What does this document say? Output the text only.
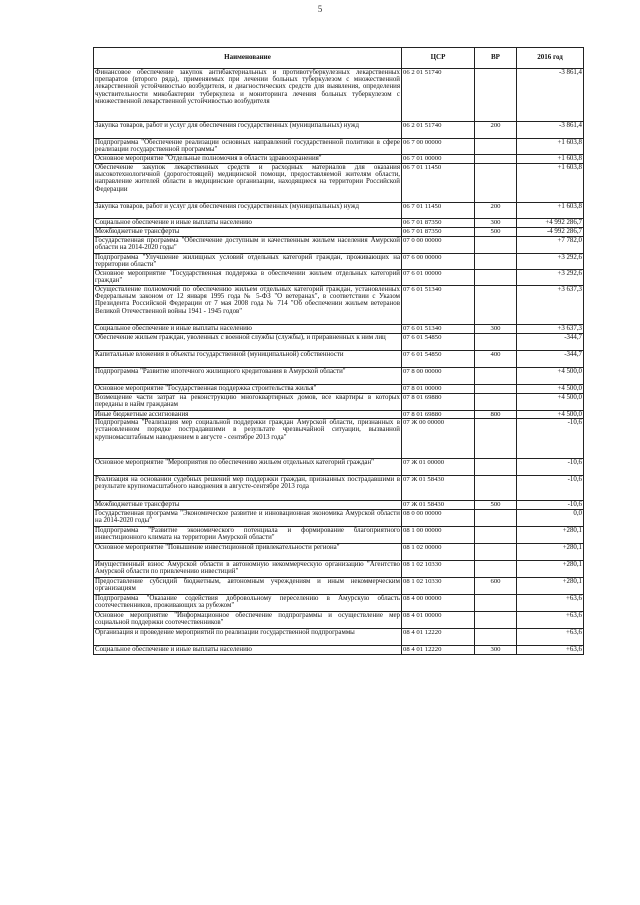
5
Наименование	ЦСР	ВР	2016 год
Финансовое обеспечение закупок антибактериальных и противотуберкулезных лекарственных препаратов (второго ряда), применяемых при лечении больных туберкулезом с множественной лекарственной устойчивостью возбудителя, и диагностических средств для выявления, определения чувствительности микобактерии туберкулеза и мониторинга лечения больных туберкулезом с множественной лекарственной устойчивостью возбудителя	06 2 01 51740		-3 861,4
Закупка товаров, работ и услуг для обеспечения государственных (муниципальных) нужд	06 2 01 51740	200	-3 861,4
Подпрограмма "Обеспечение реализации основных направлений государственной политики в сфере реализации государственной программы"	06 7 00 00000		+1 603,8
Основное мероприятие "Отдельные полномочия в области здравоохранения"	06 7 01 00000		+1 603,8
Обеспечение закупок лекарственных средств и расходных материалов для оказания высокотехнологичной (дорогостоящей) медицинской помощи, предоставляемой жителям области, направление жителей области в медицинские организации, находящиеся на территории Российской Федерации	06 7 01 11450		+1 603,8
Закупка товаров, работ и услуг для обеспечения государственных (муниципальных) нужд	06 7 01 11450	200	+1 603,8
Социальное обеспечение и иные выплаты населению	06 7 01 87350	300	+4 992 286,7
Межбюджетные трансферты	06 7 01 87350	500	-4 992 286,7
Государственная программа "Обеспечение доступным и качественным жильем населения Амурской области на 2014-2020 годы"	07 0 00 00000		+7 782,0
Подпрограмма "Улучшение жилищных условий отдельных категорий граждан, проживающих на территории области"	07 6 00 00000		+3 292,6
Основное мероприятие "Государственная поддержка в обеспечении жильем отдельных категорий граждан"	07 6 01 00000		+3 292,6
Осуществление полномочий по обеспечению жильем отдельных категорий граждан, установленных Федеральным законом от 12 января 1995 года № 5-ФЗ "О ветеранах", в соответствии с Указом Президента Российской Федерации от 7 мая 2008 года № 714 "Об обеспечении жильем ветеранов Великой Отечественной войны 1941 - 1945 годов"	07 6 01 51340		+3 637,3
Социальное обеспечение и иные выплаты населению	07 6 01 51340	300	+3 637,3
Обеспечение жильем граждан, уволенных с военной службы (службы), и приравненных к ним лиц	07 6 01 54850		-344,7
Капитальные вложения в объекты государственной (муниципальной) собственности	07 6 01 54850	400	-344,7
Подпрограмма "Развитие ипотечного жилищного кредитования в Амурской области"	07 8 00 00000		+4 500,0
Основное мероприятие "Государственная поддержка строительства жилья"	07 8 01 00000		+4 500,0
Возмещение части затрат на реконструкцию многоквартирных домов, все квартиры в которых переданы в найм гражданам	07 8 01 69880		+4 500,0
Иные бюджетные ассигнования	07 8 01 69880	800	+4 500,0
Подпрограмма "Реализация мер социальной поддержки граждан Амурской области, признанных в установленном порядке пострадавшими в результате чрезвычайной ситуации, вызванной крупномасштабным наводнением в августе - сентябре 2013 года"	07 Ж 00 00000		-10,6
Основное мероприятие "Мероприятия по обеспечению жильем отдельных категорий граждан"	07 Ж 01 00000		-10,6
Реализация на основании судебных решений мер поддержки граждан, признанных пострадавшими в результате крупномасштабного наводнения в августе-сентябре 2013 года	07 Ж 01 58430		-10,6
Межбюджетные трансферты	07 Ж 01 58430	500	-10,6
Государственная программа "Экономическое развитие и инновационная экономика Амурской области на 2014-2020 годы"	08 0 00 00000		0,0
Подпрограмма "Развитие экономического потенциала и формирование благоприятного инвестиционного климата на территории Амурской области"	08 1 00 00000		+280,1
Основное мероприятие "Повышение инвестиционной привлекательности региона"	08 1 02 00000		+280,1
Имущественный взнос Амурской области в автономную некоммерческую организацию "Агентство Амурской области по привлечению инвестиций"	08 1 02 10330		+280,1
Предоставление субсидий бюджетным, автономным учреждениям и иным некоммерческим организациям	08 1 02 10330	600	+280,1
Подпрограмма "Оказание содействия добровольному переселению в Амурскую область соотечественников, проживающих за рубежом"	08 4 00 00000		+63,6
Основное мероприятие "Информационное обеспечение подпрограммы и осуществление мер социальной поддержки соотечественников"	08 4 01 00000		+63,6
Организация и проведение мероприятий по реализации государственной подпрограммы	08 4 01 12220		+63,6
Социальное обеспечение и иные выплаты населению	08 4 01 12220	300	+63,6
